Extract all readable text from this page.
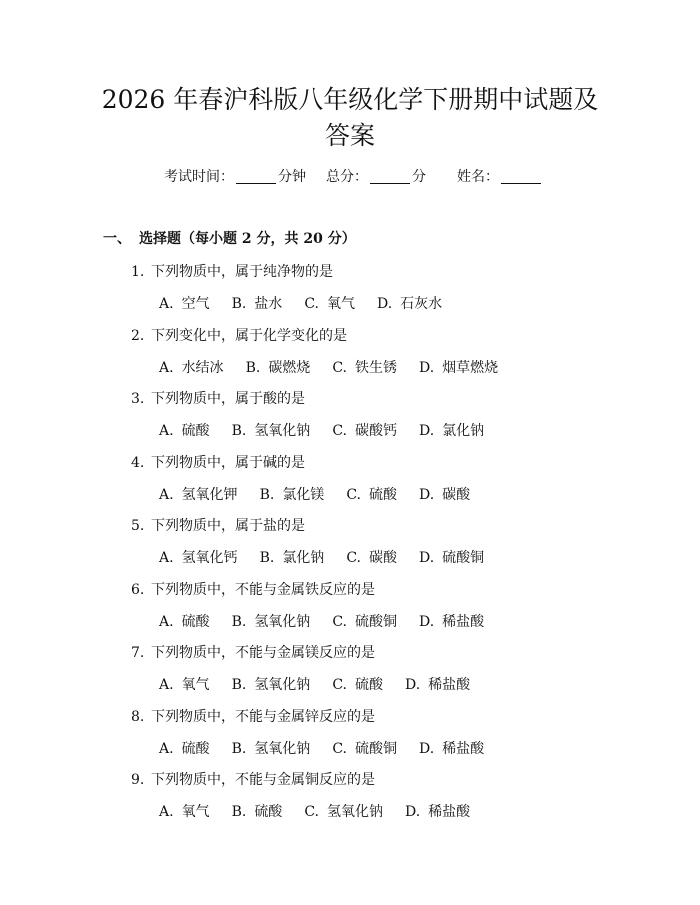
2026 年春沪科版八年级化学下册期中试题及
答案
考试时间：	分钟 总分：	分 姓名：
一、 选择题（每小题 2 分，共 20 分）
1. 下列物质中，属于纯净物的是
A. 空气 B. 盐水 C. 氧气 D. 石灰水
2. 下列变化中，属于化学变化的是
A. 水结冰 B. 碳燃烧 C. 铁生锈 D. 烟草燃烧
3. 下列物质中，属于酸的是
A. 硫酸 B. 氢氧化钠 C. 碳酸钙 D. 氯化钠
4. 下列物质中，属于碱的是
A. 氢氧化钾 B. 氯化镁 C. 硫酸 D. 碳酸
5. 下列物质中，属于盐的是
A. 氢氧化钙 B. 氯化钠 C. 碳酸 D. 硫酸铜
6. 下列物质中，不能与金属铁反应的是
A. 硫酸 B. 氢氧化钠 C. 硫酸铜 D. 稀盐酸
7. 下列物质中，不能与金属镁反应的是
A. 氧气 B. 氢氧化钠 C. 硫酸 D. 稀盐酸
8. 下列物质中，不能与金属锌反应的是
A. 硫酸 B. 氢氧化钠 C. 硫酸铜 D. 稀盐酸
9. 下列物质中，不能与金属铜反应的是
A. 氧气 B. 硫酸 C. 氢氧化钠 D. 稀盐酸
